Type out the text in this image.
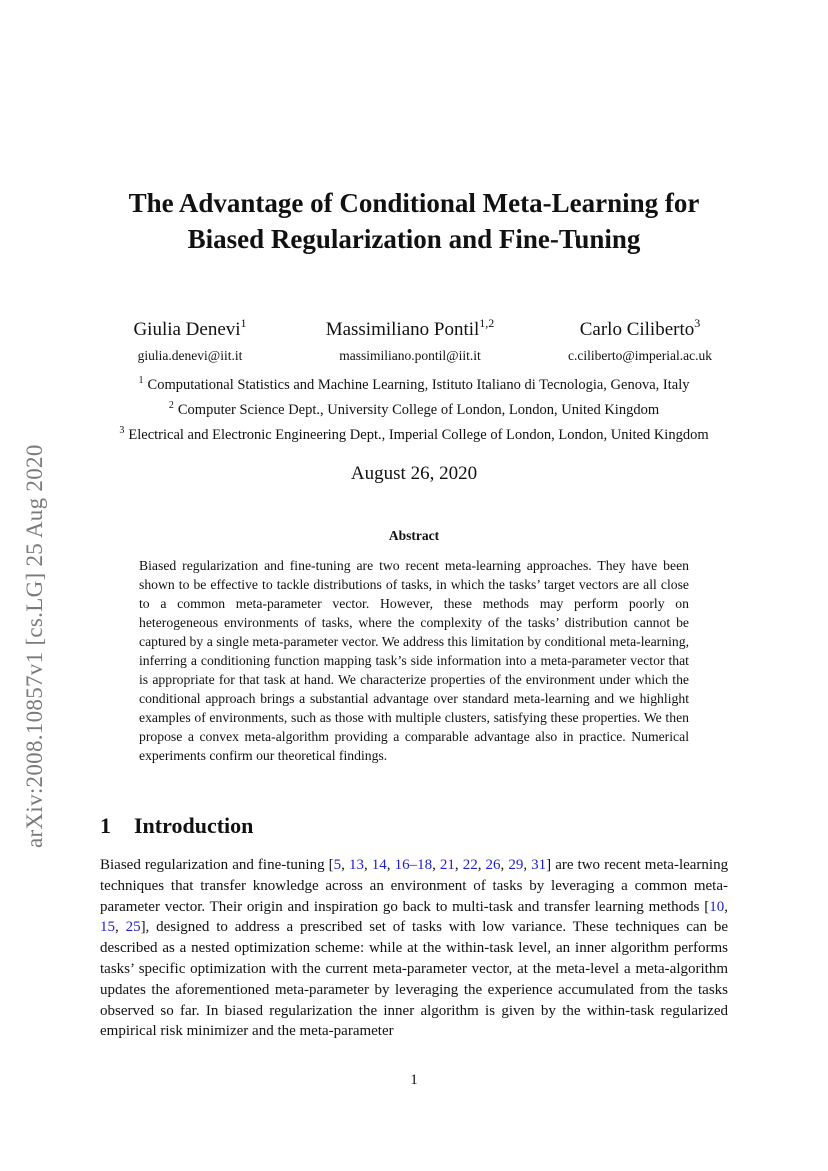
arXiv:2008.10857v1 [cs.LG] 25 Aug 2020
The Advantage of Conditional Meta-Learning for
Biased Regularization and Fine-Tuning
Giulia Denevi$^1$
giulia.denevi@iit.it
Massimiliano Pontil$^{1,2}$
massimiliano.pontil@iit.it
Carlo Ciliberto$^3$
c.ciliberto@imperial.ac.uk
$^1$ Computational Statistics and Machine Learning, Istituto Italiano di Tecnologia, Genova, Italy
$^2$ Computer Science Dept., University College of London, London, United Kingdom
$^3$ Electrical and Electronic Engineering Dept., Imperial College of London, London, United Kingdom
August 26, 2020
Abstract

Biased regularization and fine-tuning are two recent meta-learning approaches. They have been shown to be effective to tackle distributions of tasks, in which the tasks’ target vectors are all close to a common meta-parameter vector. However, these methods may perform poorly on heterogeneous environments of tasks, where the complexity of the tasks’ distribution cannot be captured by a single meta-parameter vector. We address this limitation by conditional meta-learning, inferring a conditioning function mapping task’s side information into a meta-parameter vector that is appropriate for that task at hand. We characterize properties of the environment under which the conditional approach brings a substantial advantage over standard meta-learning and we highlight examples of environments, such as those with multiple clusters, satisfying these properties. We then propose a convex meta-algorithm providing a comparable advantage also in practice. Numerical experiments confirm our theoretical findings.

1 Introduction

Biased regularization and fine-tuning [5, 13, 14, 16–18, 21, 22, 26, 29, 31] are two recent meta-learning techniques that transfer knowledge across an environment of tasks by leveraging a common meta-parameter vector. Their origin and inspiration go back to multi-task and transfer learning methods [10, 15, 25], designed to address a prescribed set of tasks with low variance. These techniques can be described as a nested optimization scheme: while at the within-task level, an inner algorithm performs tasks’ specific optimization with the current meta-parameter vector, at the meta-level a meta-algorithm updates the aforementioned meta-parameter by leveraging the experience accumulated from the tasks observed so far. In biased regularization the inner algorithm is given by the within-task regularized empirical risk minimizer and the meta-parameter

1
